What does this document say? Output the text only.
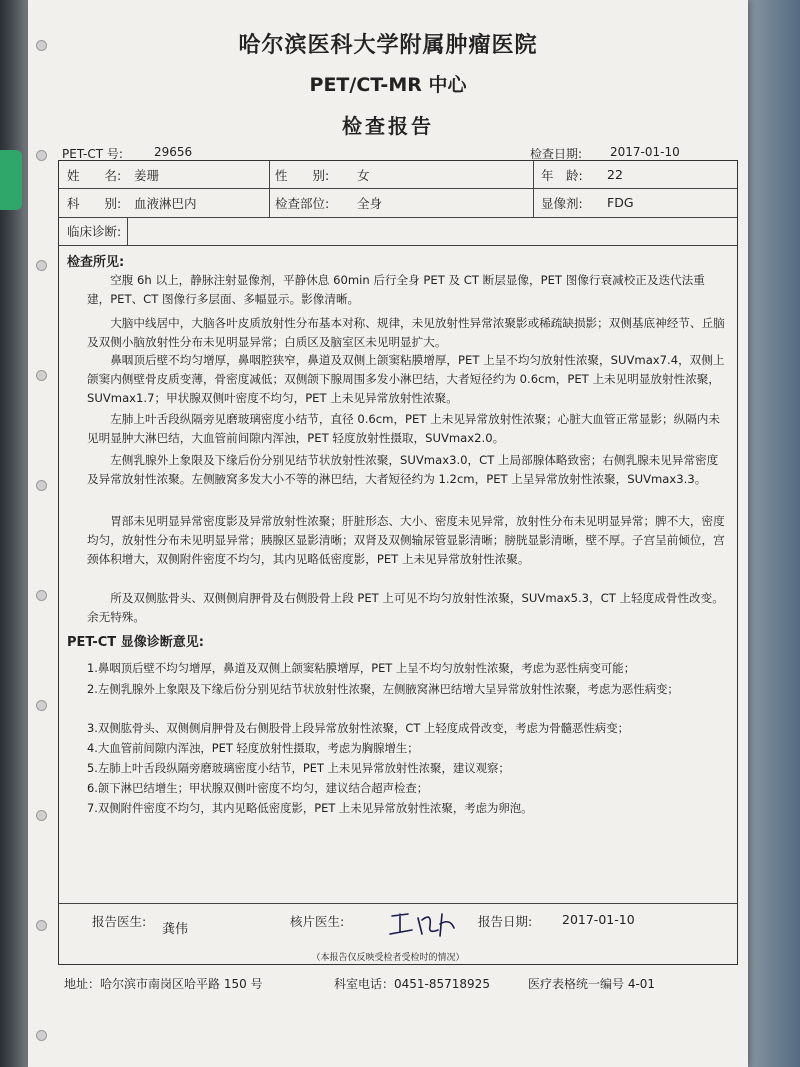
哈尔滨医科大学附属肿瘤医院
PET/CT-MR 中心
检查报告
PET-CT 号:	29656	检查日期: 2017-01-10
姓　　名: 姜珊	性　　别: 女	年　龄: 22
科　　别: 血液淋巴内	检查部位: 全身	显像剂: FDG
临床诊断:
检查所见:
空腹 6h 以上，静脉注射显像剂，平静休息 60min 后行全身 PET 及 CT 断层显像，PET 图像行衰减校正及迭代法重建，PET、CT 图像行多层面、多幅显示。影像清晰。
大脑中线居中，大脑各叶皮质放射性分布基本对称、规律，未见放射性异常浓聚影或稀疏缺损影；双侧基底神经节、丘脑及双侧小脑放射性分布未见明显异常；白质区及脑室区未见明显扩大。
鼻咽顶后壁不均匀增厚，鼻咽腔狭窄，鼻道及双侧上颌窦粘膜增厚，PET 上呈不均匀放射性浓聚，SUVmax7.4，双侧上颌窦内侧壁骨皮质变薄，骨密度减低；双侧颌下腺周围多发小淋巴结，大者短径约为 0.6cm，PET 上未见明显放射性浓聚，SUVmax1.7；甲状腺双侧叶密度不均匀，PET 上未见异常放射性浓聚。
左肺上叶舌段纵隔旁见磨玻璃密度小结节，直径 0.6cm，PET 上未见异常放射性浓聚；心脏大血管正常显影；纵隔内未见明显肿大淋巴结，大血管前间隙内浑浊，PET 轻度放射性摄取，SUVmax2.0。
左侧乳腺外上象限及下缘后份分别见结节状放射性浓聚，SUVmax3.0，CT 上局部腺体略致密；右侧乳腺未见异常密度及异常放射性浓聚。左侧腋窝多发大小不等的淋巴结，大者短径约为 1.2cm，PET 上呈异常放射性浓聚，SUVmax3.3。
胃部未见明显异常密度影及异常放射性浓聚；肝脏形态、大小、密度未见异常，放射性分布未见明显异常；脾不大，密度均匀，放射性分布未见明显异常；胰腺区显影清晰；双肾及双侧输尿管显影清晰；膀胱显影清晰，壁不厚。子宫呈前倾位，宫颈体积增大，双侧附件密度不均匀，其内见略低密度影，PET 上未见异常放射性浓聚。
所及双侧肱骨头、双侧侧肩胛骨及右侧股骨上段 PET 上可见不均匀放射性浓聚，SUVmax5.3，CT 上轻度成骨性改变。余无特殊。
PET-CT 显像诊断意见:
1.鼻咽顶后壁不均匀增厚，鼻道及双侧上颌窦粘膜增厚，PET 上呈不均匀放射性浓聚，考虑为恶性病变可能；
2.左侧乳腺外上象限及下缘后份分别见结节状放射性浓聚，左侧腋窝淋巴结增大呈异常放射性浓聚，考虑为恶性病变；
3.双侧肱骨头、双侧侧肩胛骨及右侧股骨上段异常放射性浓聚，CT 上轻度成骨改变，考虑为骨髓恶性病变；
4.大血管前间隙内浑浊，PET 轻度放射性摄取，考虑为胸腺增生；
5.左肺上叶舌段纵隔旁磨玻璃密度小结节，PET 上未见异常放射性浓聚，建议观察；
6.颌下淋巴结增生；甲状腺双侧叶密度不均匀，建议结合超声检查；
7.双侧附件密度不均匀，其内见略低密度影，PET 上未见异常放射性浓聚，考虑为卵泡。
报告医生:
龚伟
核片医生:	报告日期: 2017-01-10
（本报告仅反映受检者受检时的情况）
地址：哈尔滨市南岗区哈平路 150 号	科室电话：0451-85718925	医疗表格统一编号 4-01
